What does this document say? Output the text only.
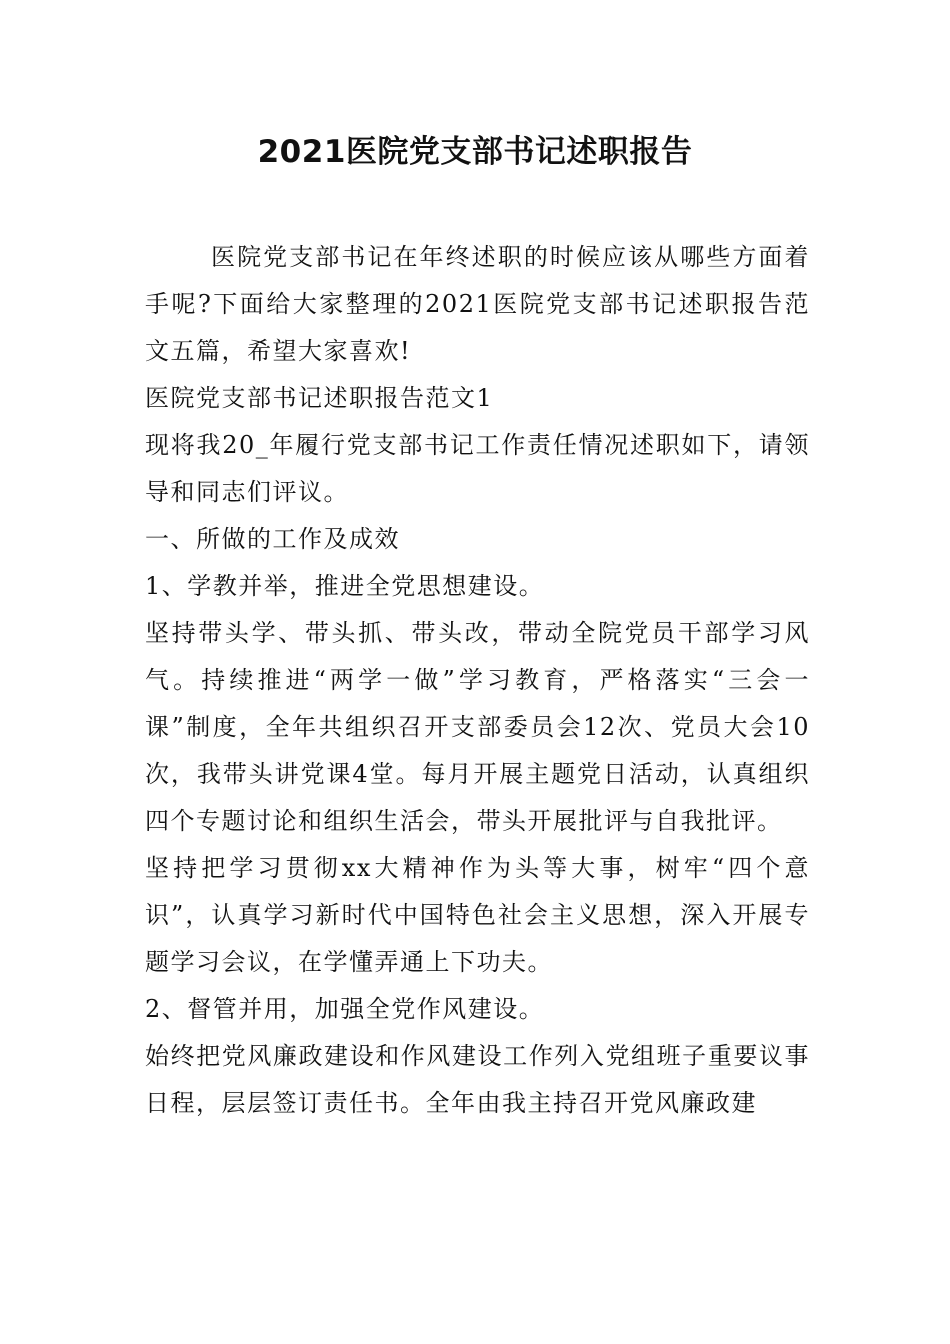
2021医院党支部书记述职报告

医院党支部书记在年终述职的时候应该从哪些方面着手呢?下面给大家整理的2021医院党支部书记述职报告范文五篇，希望大家喜欢!

医院党支部书记述职报告范文1

现将我20_年履行党支部书记工作责任情况述职如下，请领导和同志们评议。

一、所做的工作及成效

1、学教并举，推进全党思想建设。

坚持带头学、带头抓、带头改，带动全院党员干部学习风气。持续推进“两学一做”学习教育，严格落实“三会一课”制度，全年共组织召开支部委员会12次、党员大会10次，我带头讲党课4堂。每月开展主题党日活动，认真组织四个专题讨论和组织生活会，带头开展批评与自我批评。

坚持把学习贯彻xx大精神作为头等大事，树牢“四个意识”，认真学习新时代中国特色社会主义思想，深入开展专题学习会议，在学懂弄通上下功夫。

2、督管并用，加强全党作风建设。

始终把党风廉政建设和作风建设工作列入党组班子重要议事日程，层层签订责任书。全年由我主持召开党风廉政建
